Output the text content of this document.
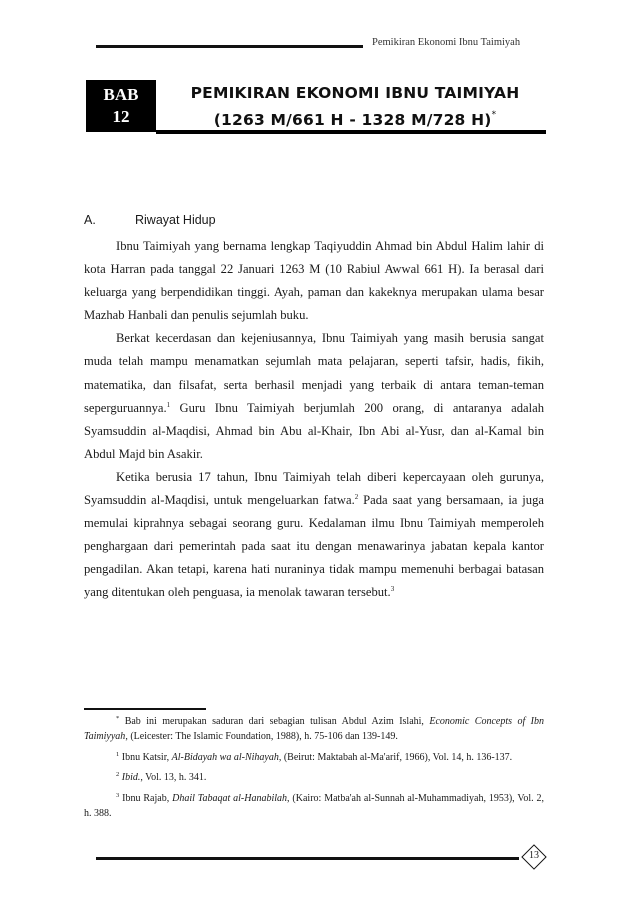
Pemikiran Ekonomi Ibnu Taimiyah
BAB
12
PEMIKIRAN EKONOMI IBNU TAIMIYAH
(1263 M/661 H - 1328 M/728 H)*
A.	Riwayat Hidup

Ibnu Taimiyah yang bernama lengkap Taqiyuddin Ahmad bin Abdul Halim lahir di kota Harran pada tanggal 22 Januari 1263 M (10 Rabiul Awwal 661 H). Ia berasal dari keluarga yang berpendidikan tinggi. Ayah, paman dan kakeknya merupakan ulama besar Mazhab Hanbali dan penulis sejumlah buku.

Berkat kecerdasan dan kejeniusannya, Ibnu Taimiyah yang masih berusia sangat muda telah mampu menamatkan sejumlah mata pelajaran, seperti tafsir, hadis, fikih, matematika, dan filsafat, serta berhasil menjadi yang terbaik di antara teman-teman seperguruannya.$^1$ Guru Ibnu Taimiyah berjumlah 200 orang, di antaranya adalah Syamsuddin al-Maqdisi, Ahmad bin Abu al-Khair, Ibn Abi al-Yusr, dan al-Kamal bin Abdul Majd bin Asakir.

Ketika berusia 17 tahun, Ibnu Taimiyah telah diberi kepercayaan oleh gurunya, Syamsuddin al-Maqdisi, untuk mengeluarkan fatwa.$^2$ Pada saat yang bersamaan, ia juga memulai kiprahnya sebagai seorang guru. Kedalaman ilmu Ibnu Taimiyah memperoleh penghargaan dari pemerintah pada saat itu dengan menawarinya jabatan kepala kantor pengadilan. Akan tetapi, karena hati nuraninya tidak mampu memenuhi berbagai batasan yang ditentukan oleh penguasa, ia menolak tawaran tersebut.$^3$

* Bab ini merupakan saduran dari sebagian tulisan Abdul Azim Islahi, Economic Concepts of Ibn Taimiyyah, (Leicester: The Islamic Foundation, 1988), h. 75-106 dan 139-149.

$^1$ Ibnu Katsir, Al-Bidayah wa al-Nihayah, (Beirut: Maktabah al-Ma'arif, 1966), Vol. 14, h. 136-137.

$^2$ Ibid., Vol. 13, h. 341.

$^3$ Ibnu Rajab, Dhail Tabaqat al-Hanabilah, (Kairo: Matba'ah al-Sunnah al-Muhammadiyah, 1953), Vol. 2, h. 388.

13
